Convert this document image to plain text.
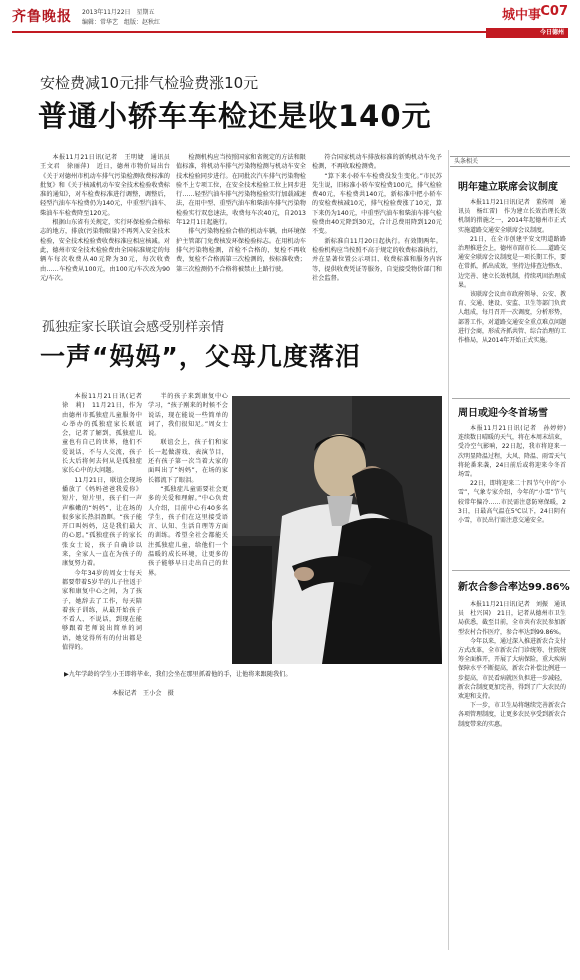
齐鲁晚报 2013年11月22日　星期五
编辑：常华艺　组版：赵秋红	城中事 C07
今日德州
安检费减10元排气检验费涨10元
普通小轿车车检还是收140元

本报11月21日讯(记者　王明婕　通讯员　王文君　徐丽萍)　近日，德州市物价局出台《关于对德州市机动车排气污染检测收费标准的批复》和《关于核减机动车安全技术检验收费标准的通知》，对车检费标准进行调整，调整后，轻型汽油车车检费仍为140元，中重型汽油车、柴油车车检费降至120元。

根据山东省有关规定，实行环保检验合格标志的地方，排放(污染物限量)不再列入安全技术检验，安全技术检验费收费标准应相应核减。对此，德州市安全技术检验费由全国标准规定的每辆车每次收费从40元降为30元，每次收费由……车检费从100元，由100元/车次改为90元/车次。

检测机构应当按照国家和省规定的方法和限值标准，将机动车排气污染物检测与机动车安全技术检验同步进行。在同批次汽车排气污染物检验不上专项工位，在安全技术检验工位上同步进行……轻型汽油车排气污染物检验实行加载减速法，在用中型、重型汽油车和柴油车排气污染物检验实行双怠速法，收费每车次40元，自2013年12月1日起施行。

排气污染物检验合格的机动车辆，由环境保护主管部门免费核发环保检验标志。在用机动车排气污染物检测，首检不合格的，复检不再收费，复检不合格需第三次检测的，按标准收费；第三次检测仍不合格将被禁止上路行驶。

符合国家机动车排放标准的新购机动车免予检测，不再收取检测费。

“算下来小轿车车检费没发生变化。”市民苏先生说，旧标准小轿车安检费100元，排气检验费40元，车检费共140元，新标准中把小轿车的安检费核减10元，排气检验费涨了10元，算下来仍为140元，中重型汽油车和柴油车排气检验费由40元降到30元，合计总费用降到120元不变。

新标准自11月20日起执行。有效期两年。检验机构应当按照不高于规定的收费标准执行，并在显著位置公示项目、收费标准和服务内容等，提供收费凭证等服务，自觉接受物价部门和社会监督。

头条相关
明年建立联席会议制度

本报11月21日讯(记者　董传周　通讯员　杨红雷)　作为建立长效治理长效机制的措施之一，2014年起德州市正式实施道路交通安全联席会议制度。

21日，在全市创建平安文明道路路治理推进会上，德州市副市长……道路交通安全联席会议制度是一项长期工作，要在常抓，抓出成效，坚持边排查边整改、边完善、建立长效机制，持续巩固治理成果。

该联席会议由市政府领导、公安、教育、交通、建设、安监、卫生等部门负责人组成，每月召开一次调度，分析形势，部署工作，对道路交通安全重点难点问题进行会商，形成齐抓共管、综合治理的工作格局，从2014年开始正式实施。

周日或迎今冬首场雪

本报11月21日讯(记者　孙婷婷)　连续数日晴暖的天气，将在本周末结束，受冷空气影响，22日起，我市将迎来一次明显降温过程，大风、降温、雨雪天气将轮番来袭，24日前后或将迎来今冬首场雪。

22日，即将迎来二十四节气中的“小雪”，气象专家介绍，今年的“小雪”节气较常年偏冷……市民需注意防寒保暖，23日，日最高气温在5℃以下，24日阴有小雪，市民出行需注意交通安全。

新农合参合率达99.86%

本报11月21日讯(记者　刘振　通讯员　杜兴国)　21日，记者从德州市卫生局获悉，截至目前，全市共有农民参加新型农村合作医疗，参合率达到99.86%。

今年以来，通过深入推进新农合支付方式改革，全市新农合门诊统筹、住院统筹全面推开，开展了大病保险，重大疾病保障水平不断提高，新农合补偿比例进一步提高，市民看病就医负担进一步减轻，新农合制度更加完善，得到了广大农民的欢迎和支持。

下一步，市卫生局将继续完善新农合各项管理制度，让更多农民享受到新农合制度带来的实惠。

孤独症家长联谊会感受别样亲情
一声“妈妈”，父母几度落泪

本报11月21日讯(记者　徐　莉)　11月21日，作为由德州市孤独症儿童服务中心举办的孤独症家长联谊会，记者了解到，孤独症儿童也有自己的世界，他们不爱说话，不与人交流，孩子长大后将何去何从是孤独症家长心中的大问题。

11月21日，联谊会现场播放了《妈妈爸爸我爱你》短片，短片里，孩子们一声声稚嫩的“妈妈”，让在场的很多家长热泪盈眶。“孩子能开口叫妈妈，这是我们最大的心愿。”孤独症孩子的家长张女士说，孩子自确诊以来，全家人一直在为孩子的康复努力着。

今年34岁的周女士每天都要带着5岁半的儿子往返于家和康复中心之间，为了孩子，她辞去了工作，每天陪着孩子训练，从最开始孩子不看人、不说话，到现在能够跟着老师说出简单的词语，她觉得所有的付出都是值得的。

半的孩子来到康复中心学习，“孩子刚来的时候不会说话，现在能说一些简单的词了，我们很知足。”周女士说。

联谊会上，孩子们和家长一起做游戏、表演节目，还有孩子第一次当着大家的面叫出了“妈妈”，在场的家长都流下了眼泪。

“孤独症儿童需要社会更多的关爱和理解。”中心负责人介绍，目前中心有40多名学生，孩子们在这里接受语言、认知、生活自理等方面的训练。希望全社会都能关注孤独症儿童，给他们一个温暖的成长环境，让更多的孩子能够早日走出自己的世界。

▶九年学龄的学生小王即将毕业，我们会坐在那里抓着他的手，让他将来跟随我们。
本报记者　王小会　摄
